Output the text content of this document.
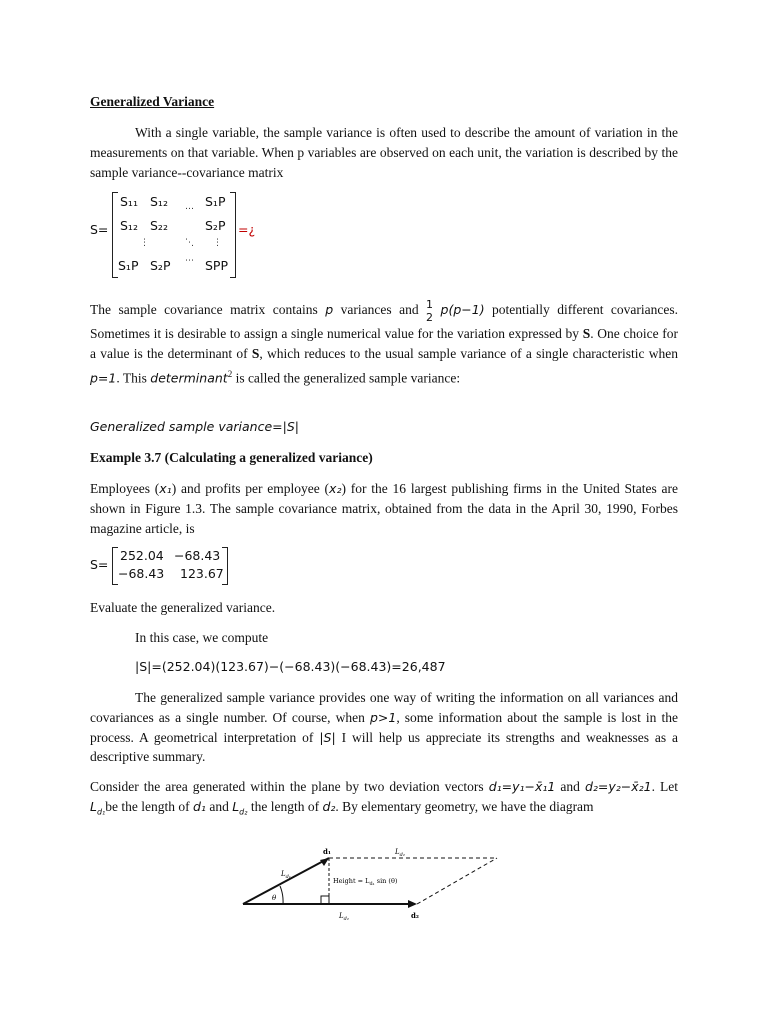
Generalized Variance

With a single variable, the sample variance is often used to describe the amount of variation in the measurements on that variable. When p variables are observed on each unit, the variation is described by the sample variance--covariance matrix

S=
S₁₁ S₁₂ … S₁P
S₁₂ S₂₂	S₂P
⋮	⋱ ⋮
S₁P S₂P ⋯ SPP
=¿

The sample covariance matrix contains p variances and 1
2
p(p−1) potentially different covariances. Sometimes it is desirable to assign a single numerical value for the variation expressed by S. One choice for a value is the determinant of S, which reduces to the usual sample variance of a single characteristic when p=1. This determinant$^2$ is called the generalized sample variance:

Generalized sample variance=|S|

Example 3.7 (Calculating a generalized variance)

Employees (x₁) and profits per employee (x₂) for the 16 largest publishing firms in the United States are shown in Figure 1.3. The sample covariance matrix, obtained from the data in the April 30, 1990, Forbes magazine article, is

S=
252.04 −68.43
−68.43 123.67

Evaluate the generalized variance.

In this case, we compute

|S|=(252.04)(123.67)−(−68.43)(−68.43)=26,487

The generalized sample variance provides one way of writing the information on all variances and covariances as a single number. Of course, when p>1, some information about the sample is lost in the process. A geometrical interpretation of |S| I will help us appreciate its strengths and weaknesses as a descriptive summary.

Consider the area generated within the plane by two deviation vectors d₁=y₁−x̄₁1 and d₂=y₂−x̄₂1. Let $L_{d_1}be$ the length of d₁ and $L_{d_2}$ the length of d₂. By elementary geometry, we have the diagram

d₁
d₂
$L_{d_1}$
$L_{d_2}$
$L_{d_2}$
θ
Height = $L_{d_1}$ sin (θ)
